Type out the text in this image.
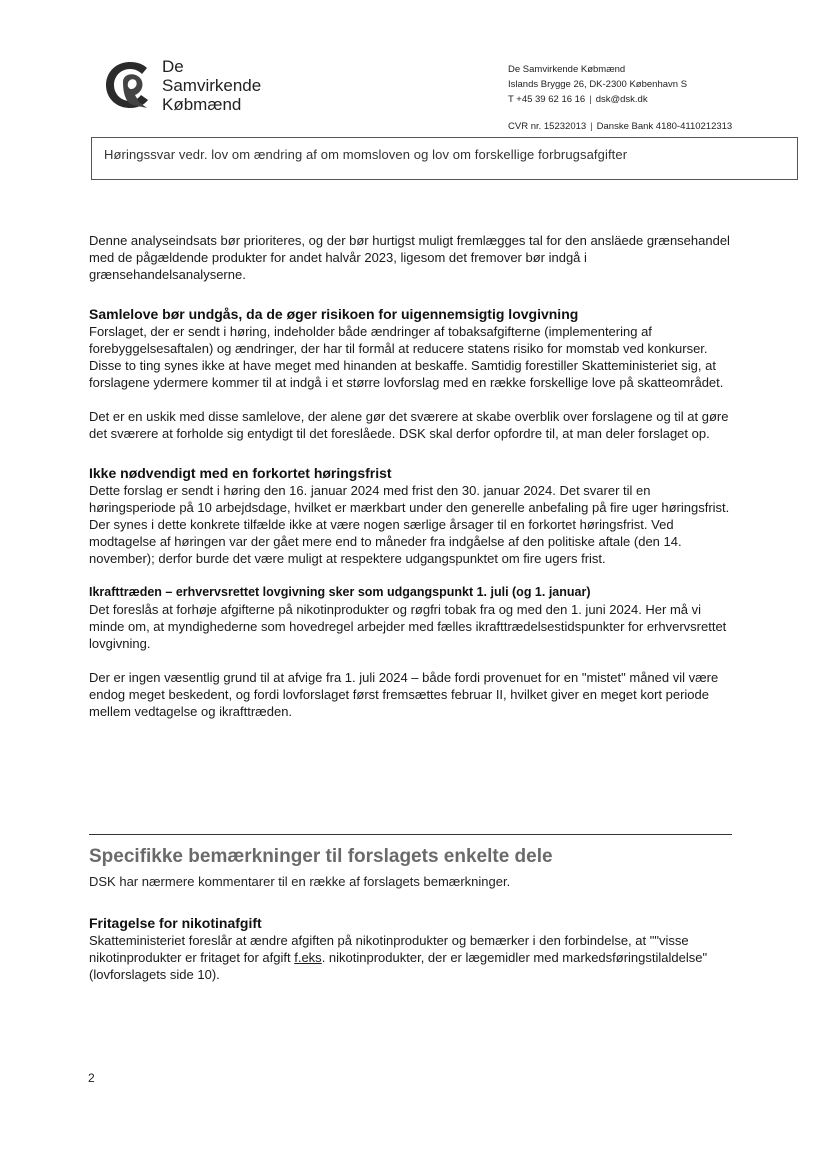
De
Samvirkende
Købmænd
De Samvirkende Købmænd
Islands Brygge 26, DK-2300 København S
T +45 39 62 16 16 | dsk@dsk.dk
CVR nr. 15232013 | Danske Bank 4180-4110212313
Høringssvar vedr. lov om ændring af om momsloven og lov om forskellige forbrugsafgifter

Denne analyseindsats bør prioriteres, og der bør hurtigst muligt fremlægges tal for den ansläede grænsehandel med de pågældende produkter for andet halvår 2023, ligesom det fremover bør indgå i grænsehandelsanalyserne.

Samlelove bør undgås, da de øger risikoen for uigennemsigtig lovgivning

Forslaget, der er sendt i høring, indeholder både ændringer af tobaksafgifterne (implementering af forebyggelsesaftalen) og ændringer, der har til formål at reducere statens risiko for momstab ved konkurser. Disse to ting synes ikke at have meget med hinanden at beskaffe. Samtidig forestiller Skatteministeriet sig, at forslagene ydermere kommer til at indgå i et større lovforslag med en række forskellige love på skatteområdet.

Det er en uskik med disse samlelove, der alene gør det sværere at skabe overblik over forslagene og til at gøre det sværere at forholde sig entydigt til det foreslåede. DSK skal derfor opfordre til, at man deler forslaget op.

Ikke nødvendigt med en forkortet høringsfrist

Dette forslag er sendt i høring den 16. januar 2024 med frist den 30. januar 2024. Det svarer til en høringsperiode på 10 arbejdsdage, hvilket er mærkbart under den generelle anbefaling på fire uger høringsfrist. Der synes i dette konkrete tilfælde ikke at være nogen særlige årsager til en forkortet høringsfrist. Ved modtagelse af høringen var der gået mere end to måneder fra indgåelse af den politiske aftale (den 14. november); derfor burde det være muligt at respektere udgangspunktet om fire ugers frist.

Ikrafttræden – erhvervsrettet lovgivning sker som udgangspunkt 1. juli (og 1. januar)

Det foreslås at forhøje afgifterne på nikotinprodukter og røgfri tobak fra og med den 1. juni 2024. Her må vi minde om, at myndighederne som hovedregel arbejder med fælles ikrafttrædelsestidspunkter for erhvervsrettet lovgivning.

Der er ingen væsentlig grund til at afvige fra 1. juli 2024 – både fordi provenuet for en "mistet" måned vil være endog meget beskedent, og fordi lovforslaget først fremsættes februar II, hvilket giver en meget kort periode mellem vedtagelse og ikrafttræden.

Specifikke bemærkninger til forslagets enkelte dele
DSK har nærmere kommentarer til en række af forslagets bemærkninger.
Fritagelse for nikotinafgift

Skatteministeriet foreslår at ændre afgiften på nikotinprodukter og bemærker i den forbindelse, at ""visse nikotinprodukter er fritaget for afgift f.eks. nikotinprodukter, der er lægemidler med markedsføringstilaldelse" (lovforslagets side 10).

2
